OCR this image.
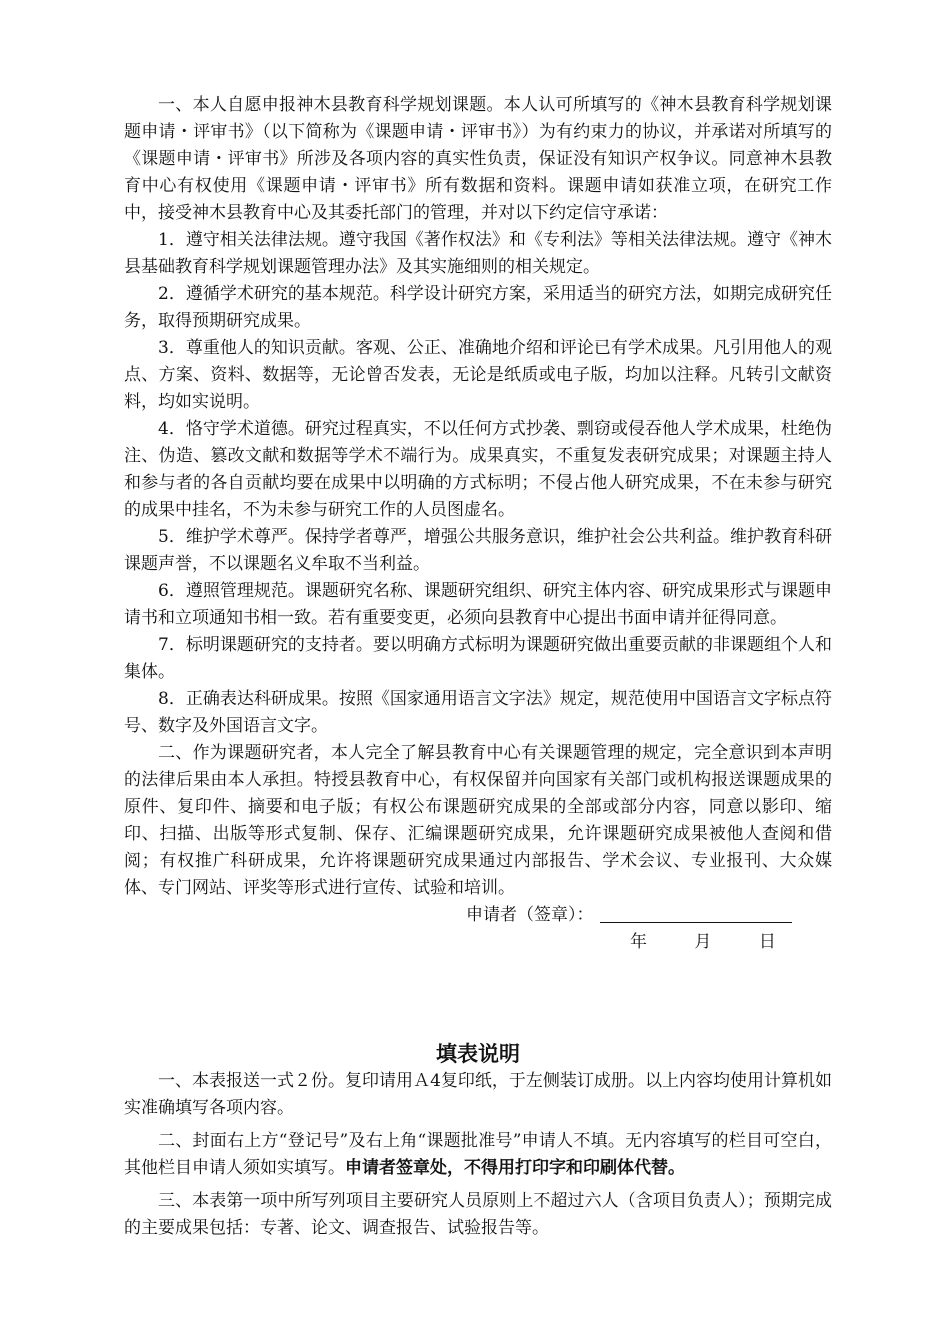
一、本人自愿申报神木县教育科学规划课题。本人认可所填写的《神木县教育科学规划课题申请・评审书》（以下简称为《课题申请・评审书》）为有约束力的协议，并承诺对所填写的《课题申请・评审书》所涉及各项内容的真实性负责，保证没有知识产权争议。同意神木县教育中心有权使用《课题申请・评审书》所有数据和资料。课题申请如获准立项，在研究工作中，接受神木县教育中心及其委托部门的管理，并对以下约定信守承诺：

1．遵守相关法律法规。遵守我国《著作权法》和《专利法》等相关法律法规。遵守《神木县基础教育科学规划课题管理办法》及其实施细则的相关规定。

2．遵循学术研究的基本规范。科学设计研究方案，采用适当的研究方法，如期完成研究任务，取得预期研究成果。

3．尊重他人的知识贡献。客观、公正、准确地介绍和评论已有学术成果。凡引用他人的观点、方案、资料、数据等，无论曾否发表，无论是纸质或电子版，均加以注释。凡转引文献资料，均如实说明。

4．恪守学术道德。研究过程真实，不以任何方式抄袭、剽窃或侵吞他人学术成果，杜绝伪注、伪造、篡改文献和数据等学术不端行为。成果真实，不重复发表研究成果；对课题主持人和参与者的各自贡献均要在成果中以明确的方式标明；不侵占他人研究成果，不在未参与研究的成果中挂名，不为未参与研究工作的人员图虚名。

5．维护学术尊严。保持学者尊严，增强公共服务意识，维护社会公共利益。维护教育科研课题声誉，不以课题名义牟取不当利益。

6．遵照管理规范。课题研究名称、课题研究组织、研究主体内容、研究成果形式与课题申请书和立项通知书相一致。若有重要变更，必须向县教育中心提出书面申请并征得同意。

7．标明课题研究的支持者。要以明确方式标明为课题研究做出重要贡献的非课题组个人和集体。

8．正确表达科研成果。按照《国家通用语言文字法》规定，规范使用中国语言文字标点符号、数字及外国语言文字。

二、作为课题研究者，本人完全了解县教育中心有关课题管理的规定，完全意识到本声明的法律后果由本人承担。特授县教育中心，有权保留并向国家有关部门或机构报送课题成果的原件、复印件、摘要和电子版；有权公布课题研究成果的全部或部分内容，同意以影印、缩印、扫描、出版等形式复制、保存、汇编课题研究成果，允许课题研究成果被他人查阅和借阅；有权推广科研成果，允许将课题研究成果通过内部报告、学术会议、专业报刊、大众媒体、专门网站、评奖等形式进行宣传、试验和培训。

申请者（签章）：
年	月	日
填表说明

一、本表报送一式２份。复印请用Ａ4复印纸，于左侧装订成册。以上内容均使用计算机如实准确填写各项内容。

二、封面右上方“登记号”及右上角“课题批准号”申请人不填。无内容填写的栏目可空白，其他栏目申请人须如实填写。申请者签章处，不得用打印字和印刷体代替。

三、本表第一项中所写列项目主要研究人员原则上不超过六人（含项目负责人）；预期完成的主要成果包括：专著、论文、调查报告、试验报告等。
